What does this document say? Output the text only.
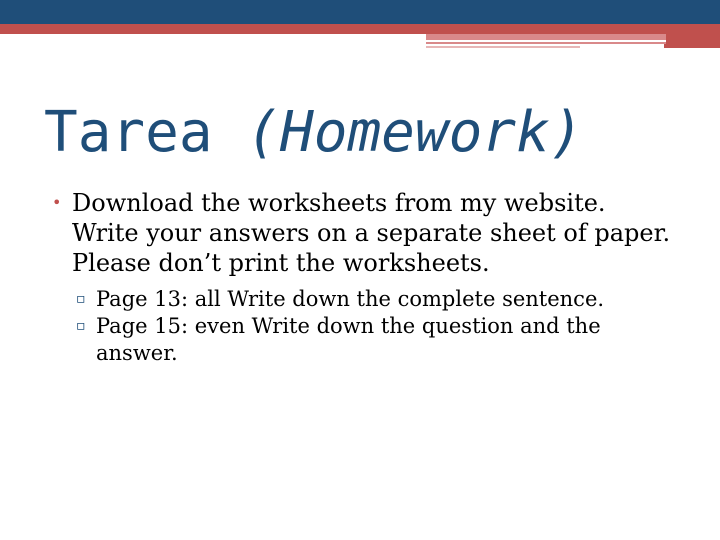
Tarea (Homework)
• Download the worksheets from my website.
Write your answers on a separate sheet of paper.
Please don’t print the worksheets.
▫ Page 13: all Write down the complete sentence.
▫ Page 15: even Write down the question and the
answer.
